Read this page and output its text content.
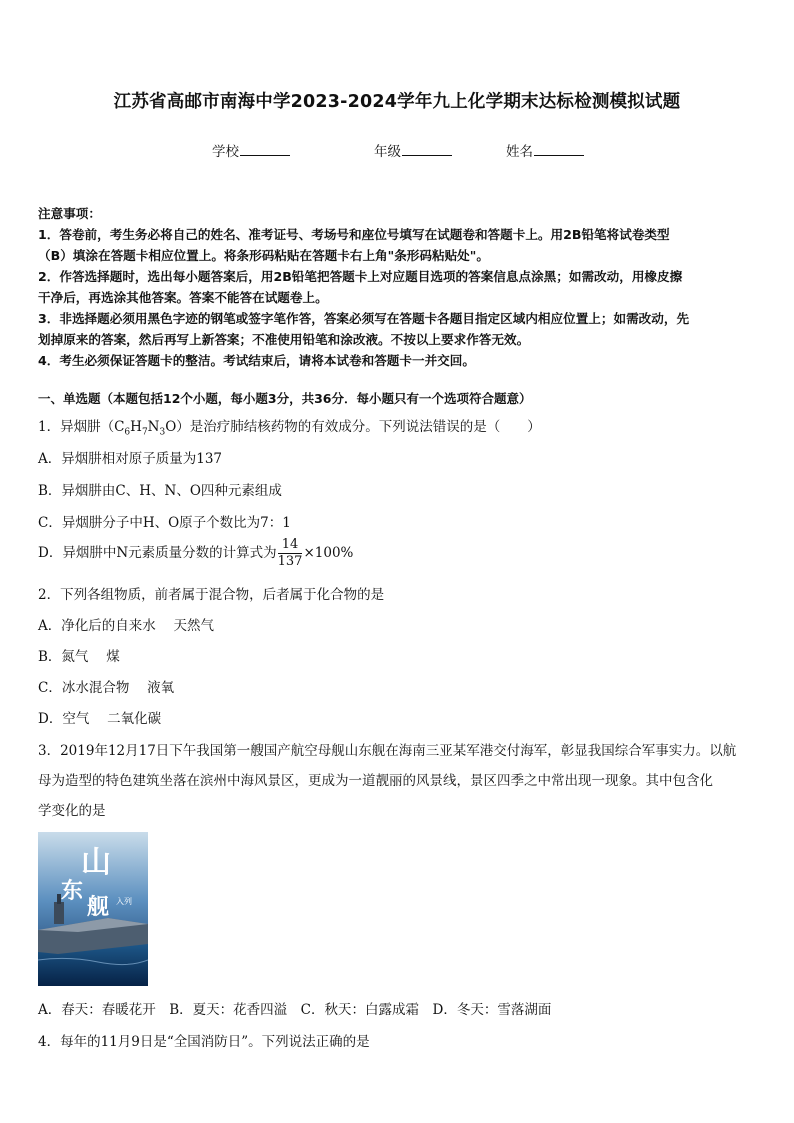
江苏省高邮市南海中学2023-2024学年九上化学期末达标检测模拟试题
学校	年级	姓名
注意事项：
1．答卷前，考生务必将自己的姓名、准考证号、考场号和座位号填写在试题卷和答题卡上。用2B铅笔将试卷类型
（B）填涂在答题卡相应位置上。将条形码粘贴在答题卡右上角"条形码粘贴处"。
2．作答选择题时，选出每小题答案后，用2B铅笔把答题卡上对应题目选项的答案信息点涂黑；如需改动，用橡皮擦
干净后，再选涂其他答案。答案不能答在试题卷上。
3．非选择题必须用黑色字迹的钢笔或签字笔作答，答案必须写在答题卡各题目指定区域内相应位置上；如需改动，先
划掉原来的答案，然后再写上新答案；不准使用铅笔和涂改液。不按以上要求作答无效。
4．考生必须保证答题卡的整洁。考试结束后，请将本试卷和答题卡一并交回。
一、单选题（本题包括12个小题，每小题3分，共36分．每小题只有一个选项符合题意）
1．异烟肼$(C_6H_7N_3O)$是治疗肺结核药物的有效成分。下列说法错误的是（　　）
A．异烟肼相对原子质量为137
B．异烟肼由C、H、N、O四种元素组成
C．异烟肼分子中H、O原子个数比为7：1
D．异烟肼中N元素质量分数的计算式为 $\frac{14}{137} \times 100\%$
2．下列各组物质，前者属于混合物，后者属于化合物的是
A．净化后的自来水　 天然气
B．氮气　 煤
C．冰水混合物　 液氧
D．空气　 二氧化碳
3．2019年12月17日下午我国第一艘国产航空母舰山东舰在海南三亚某军港交付海军，彰显我国综合军事实力。以航
母为造型的特色建筑坐落在滨州中海风景区，更成为一道靓丽的风景线，景区四季之中常出现一现象。其中包含化
学变化的是
山
东
舰 入列
A．春天：春暖花开　B．夏天：花香四溢　C．秋天：白露成霜　D．冬天：雪落湖面
4．每年的11月9日是“全国消防日”。下列说法正确的是
